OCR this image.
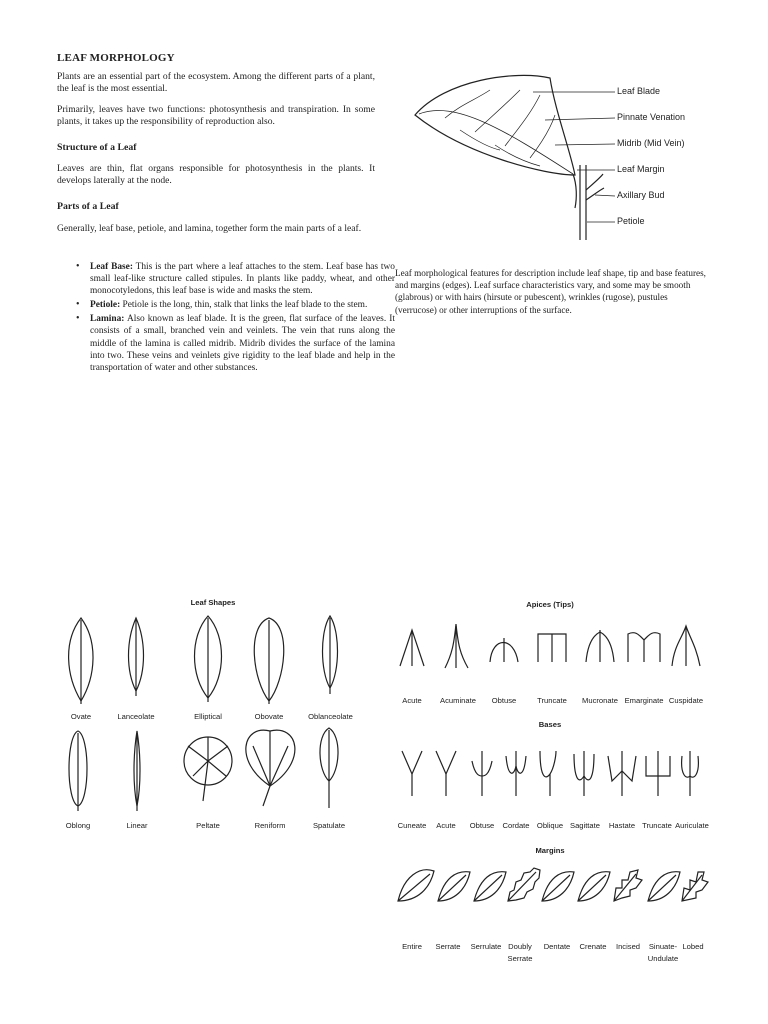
LEAF MORPHOLOGY
Plants are an essential part of the ecosystem. Among the different parts of a plant, the leaf is the most essential.
Primarily, leaves have two functions: photosynthesis and transpiration. In some plants, it takes up the responsibility of reproduction also.
Structure of a Leaf
Leaves are thin, flat organs responsible for photosynthesis in the plants. It develops laterally at the node.
Parts of a Leaf
Generally, leaf base, petiole, and lamina, together form the main parts of a leaf.
• Leaf Base: This is the part where a leaf attaches to the stem. Leaf base has two small leaf-like structure called stipules. In plants like paddy, wheat, and other monocotyledons, this leaf base is wide and masks the stem.
• Petiole: Petiole is the long, thin, stalk that links the leaf blade to the stem.
• Lamina: Also known as leaf blade. It is the green, flat surface of the leaves. It consists of a small, branched vein and veinlets. The vein that runs along the middle of the lamina is called midrib. Midrib divides the surface of the lamina into two. These veins and veinlets give rigidity to the leaf blade and help in the transportation of water and other substances.
Leaf Blade
Pinnate Venation
Midrib (Mid Vein)
Leaf Margin
Axillary Bud
Petiole
Leaf morphological features for description include leaf shape, tip and base features, and margins (edges). Leaf surface characteristics vary, and some may be smooth (glabrous) or with hairs (hirsute or pubescent), wrinkles (rugose), pustules (verrucose) or other interruptions of the surface.
Leaf Shapes
Ovate	Lanceolate	Elliptical	Obovate	Oblanceolate
Oblong	Linear	Peltate	Reniform	Spatulate
Apices (Tips)
Acute	Acuminate	Obtuse	Truncate	Mucronate Emarginate Cuspidate
Bases
Cuneate	Acute	Obtuse	Cordate Oblique Sagittate	Hastate Truncate Auriculate
Margins
Entire	Serrate	Serrulate Doubly
Serrate
Dentate	Crenate	Incised	Sinuate-
Undulate
Lobed
